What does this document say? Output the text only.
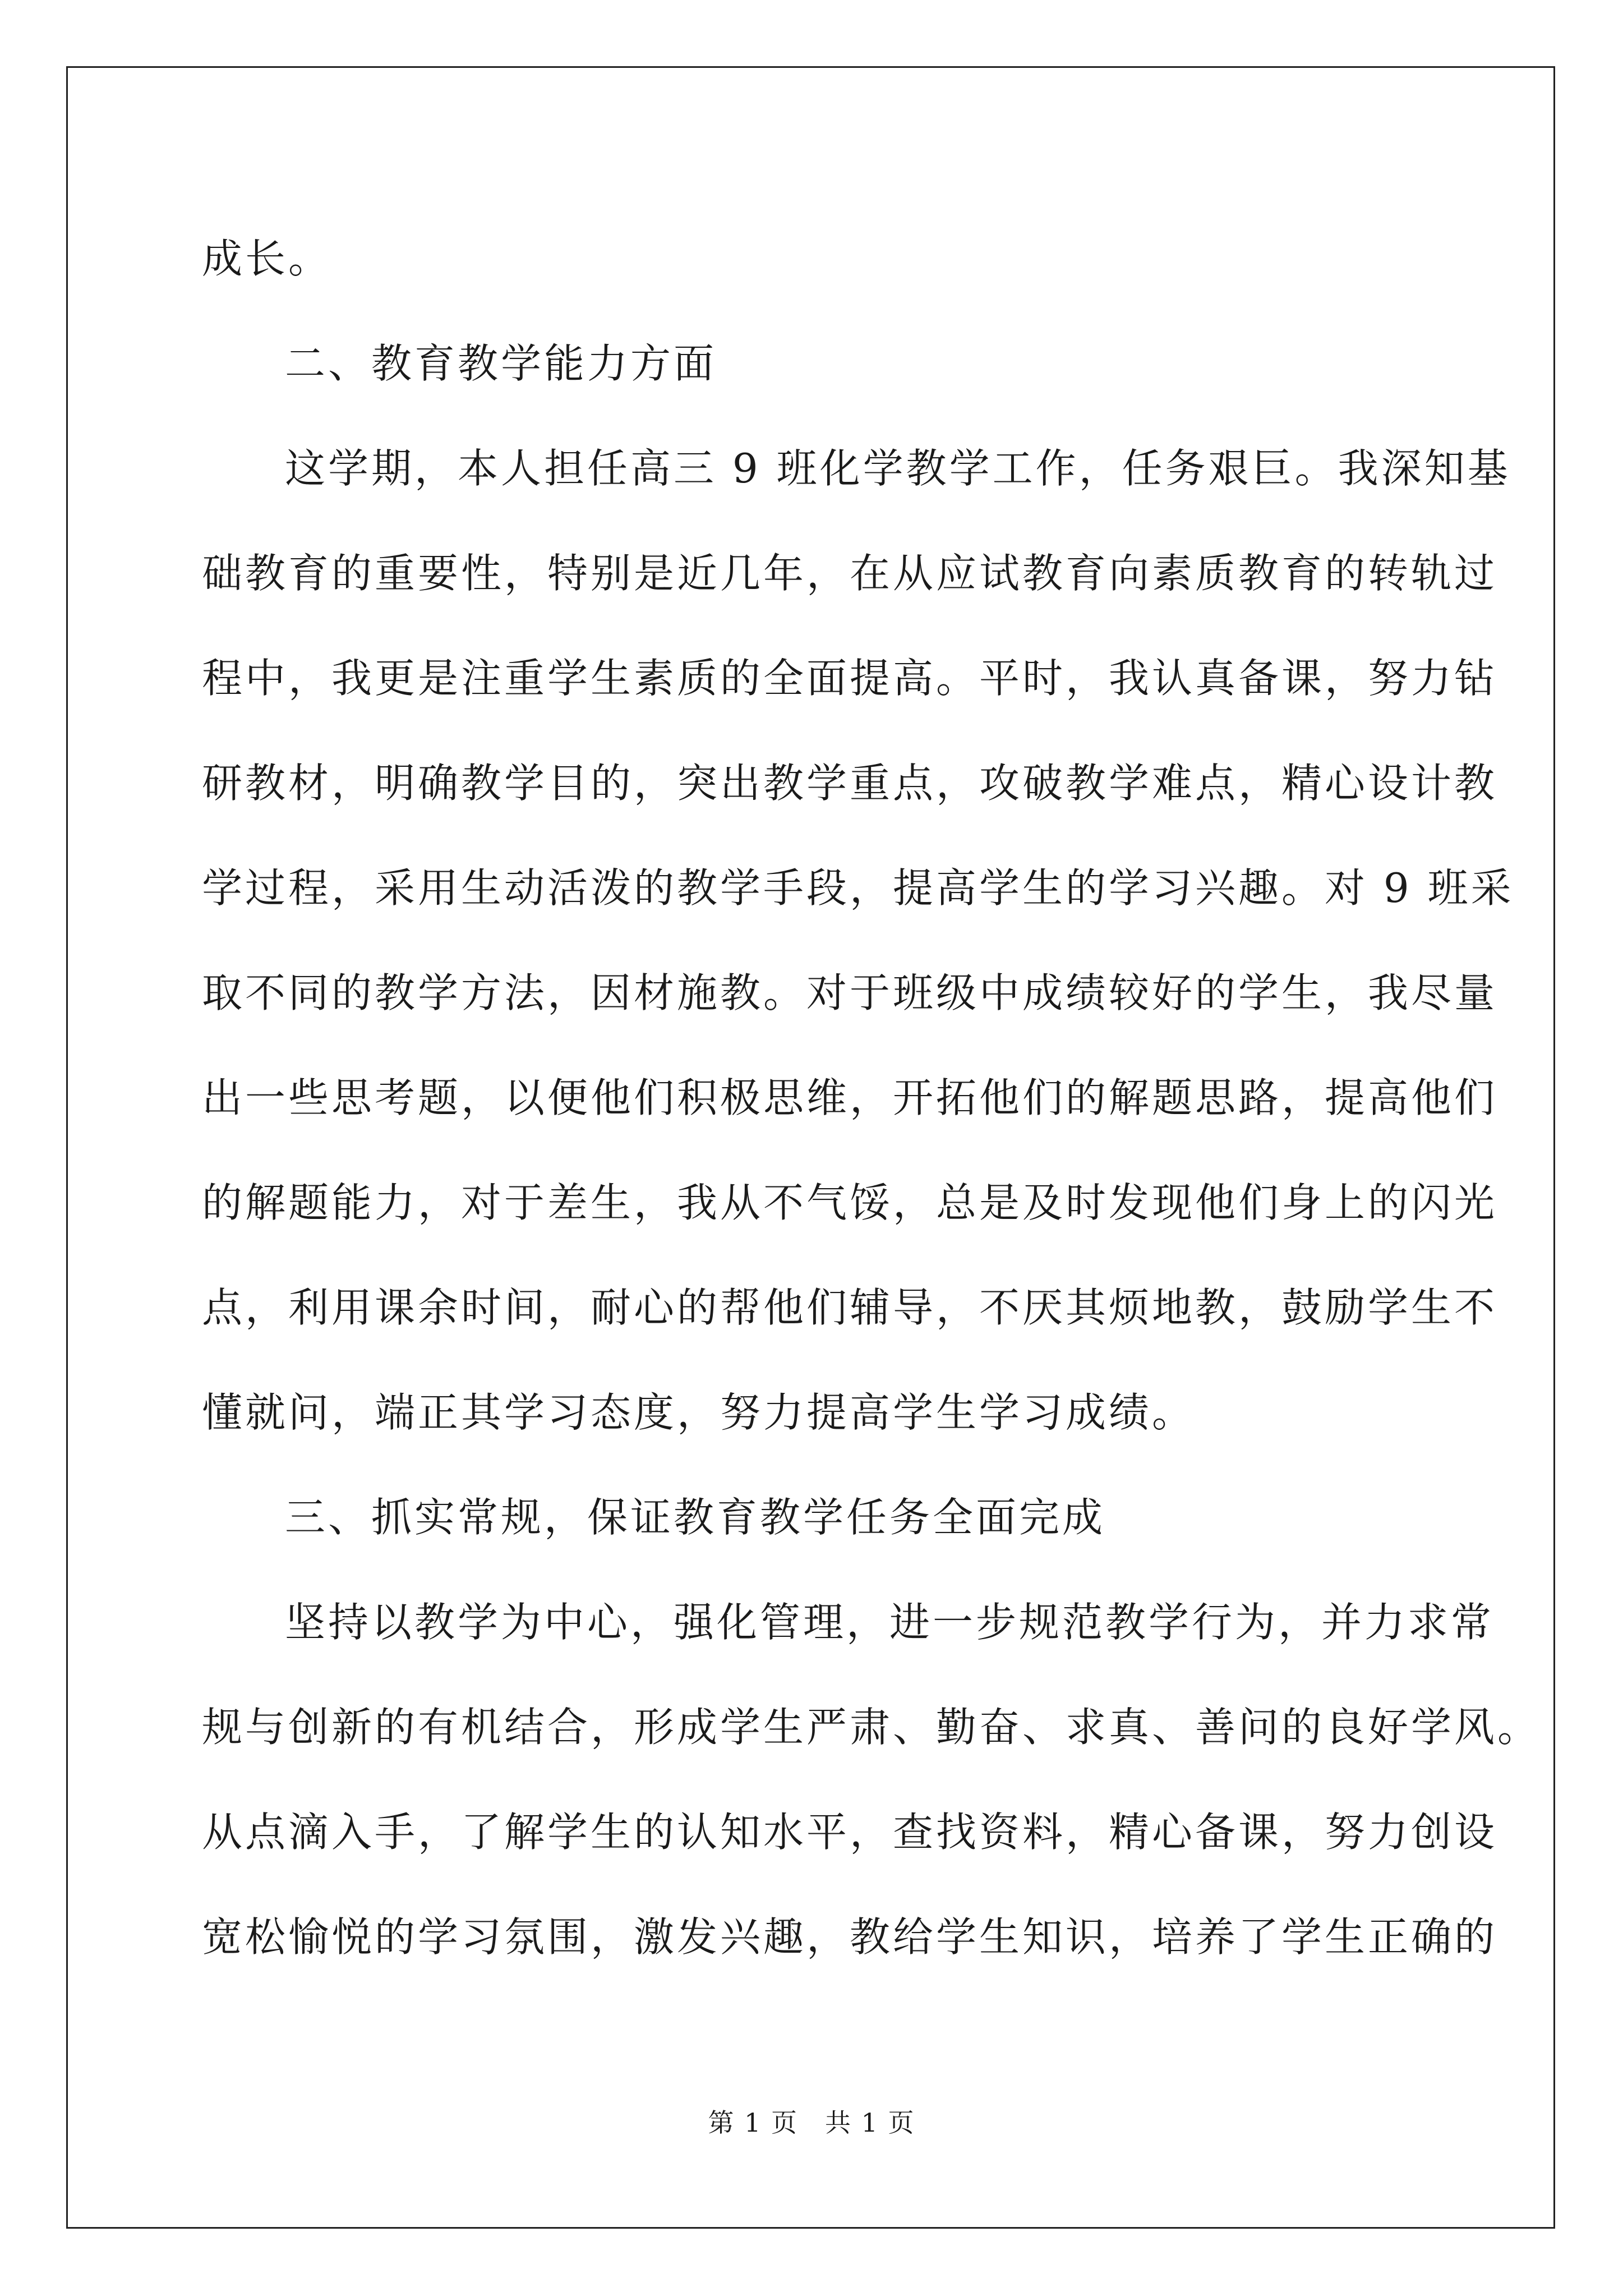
成长。
二、教育教学能力方面
这学期，本人担任高三 9 班化学教学工作，任务艰巨。我深知基
础教育的重要性，特别是近几年，在从应试教育向素质教育的转轨过
程中，我更是注重学生素质的全面提高。平时，我认真备课，努力钻
研教材，明确教学目的，突出教学重点，攻破教学难点，精心设计教
学过程，采用生动活泼的教学手段，提高学生的学习兴趣。对 9 班采
取不同的教学方法，因材施教。对于班级中成绩较好的学生，我尽量
出一些思考题，以便他们积极思维，开拓他们的解题思路，提高他们
的解题能力，对于差生，我从不气馁，总是及时发现他们身上的闪光
点，利用课余时间，耐心的帮他们辅导，不厌其烦地教，鼓励学生不
懂就问，端正其学习态度，努力提高学生学习成绩。
三、抓实常规，保证教育教学任务全面完成
坚持以教学为中心，强化管理，进一步规范教学行为，并力求常
规与创新的有机结合，形成学生严肃、勤奋、求真、善问的良好学风。
从点滴入手，了解学生的认知水平，查找资料，精心备课，努力创设
宽松愉悦的学习氛围，激发兴趣，教给学生知识，培养了学生正确的
第 1 页 共 1 页
